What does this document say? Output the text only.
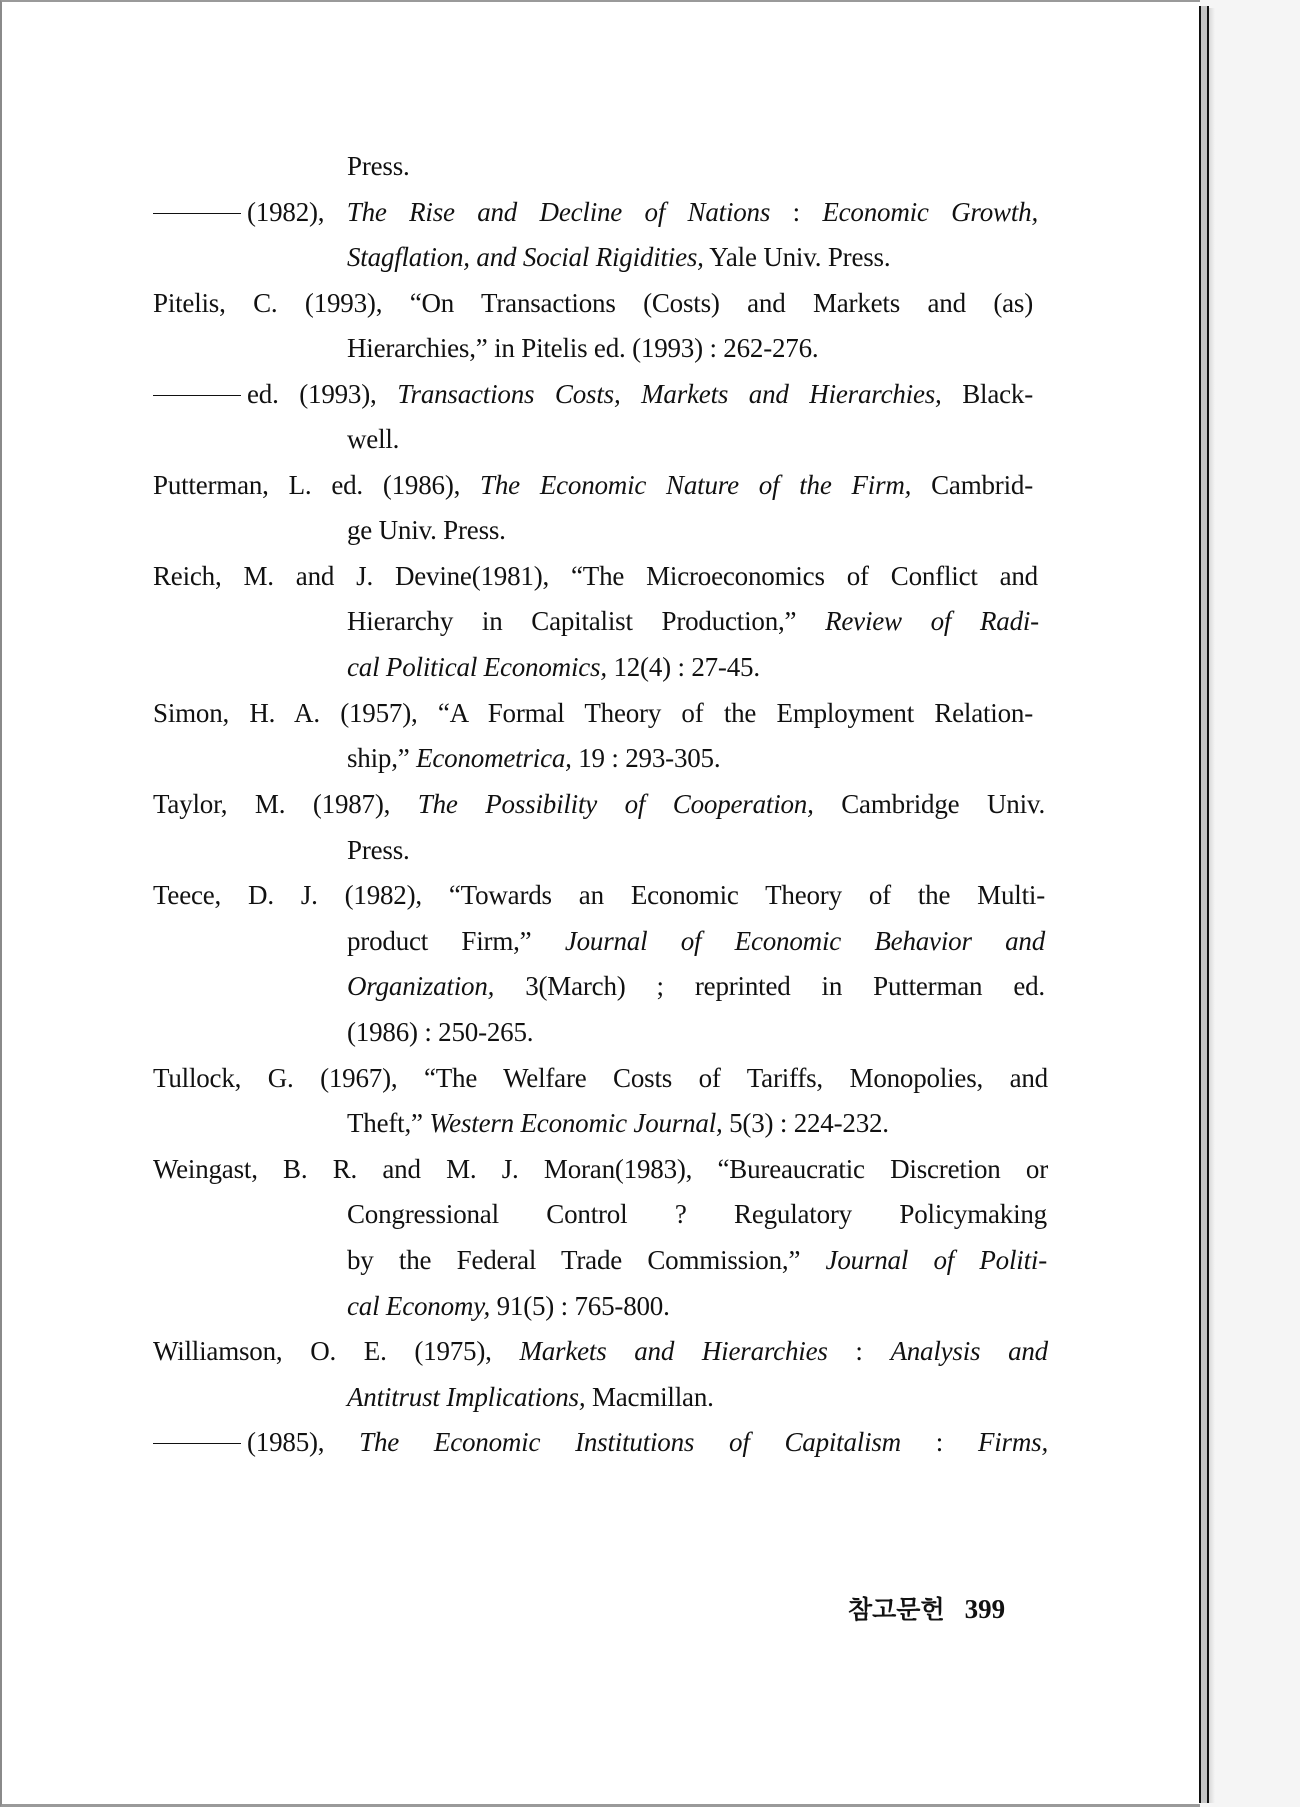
Press.
(1982), The Rise and Decline of Nations : Economic Growth,
Stagflation, and Social Rigidities, Yale Univ. Press.
Pitelis, C. (1993), “On Transactions (Costs) and Markets and (as)
Hierarchies,” in Pitelis ed. (1993) : 262-276.
ed. (1993), Transactions Costs, Markets and Hierarchies, Black-
well.
Putterman, L. ed. (1986), The Economic Nature of the Firm, Cambrid-
ge Univ. Press.
Reich, M. and J. Devine(1981), “The Microeconomics of Conflict and
Hierarchy in Capitalist Production,” Review of Radi-
cal Political Economics, 12(4) : 27-45.
Simon, H. A. (1957), “A Formal Theory of the Employment Relation-
ship,” Econometrica, 19 : 293-305.
Taylor, M. (1987), The Possibility of Cooperation, Cambridge Univ.
Press.
Teece, D. J. (1982), “Towards an Economic Theory of the Multi-
product Firm,” Journal of Economic Behavior and
Organization, 3(March) ; reprinted in Putterman ed.
(1986) : 250-265.
Tullock, G. (1967), “The Welfare Costs of Tariffs, Monopolies, and
Theft,” Western Economic Journal, 5(3) : 224-232.
Weingast, B. R. and M. J. Moran(1983), “Bureaucratic Discretion or
Congressional Control ? Regulatory Policymaking
by the Federal Trade Commission,” Journal of Politi-
cal Economy, 91(5) : 765-800.
Williamson, O. E. (1975), Markets and Hierarchies : Analysis and
Antitrust Implications, Macmillan.
(1985), The Economic Institutions of Capitalism : Firms,
참고문헌 399
